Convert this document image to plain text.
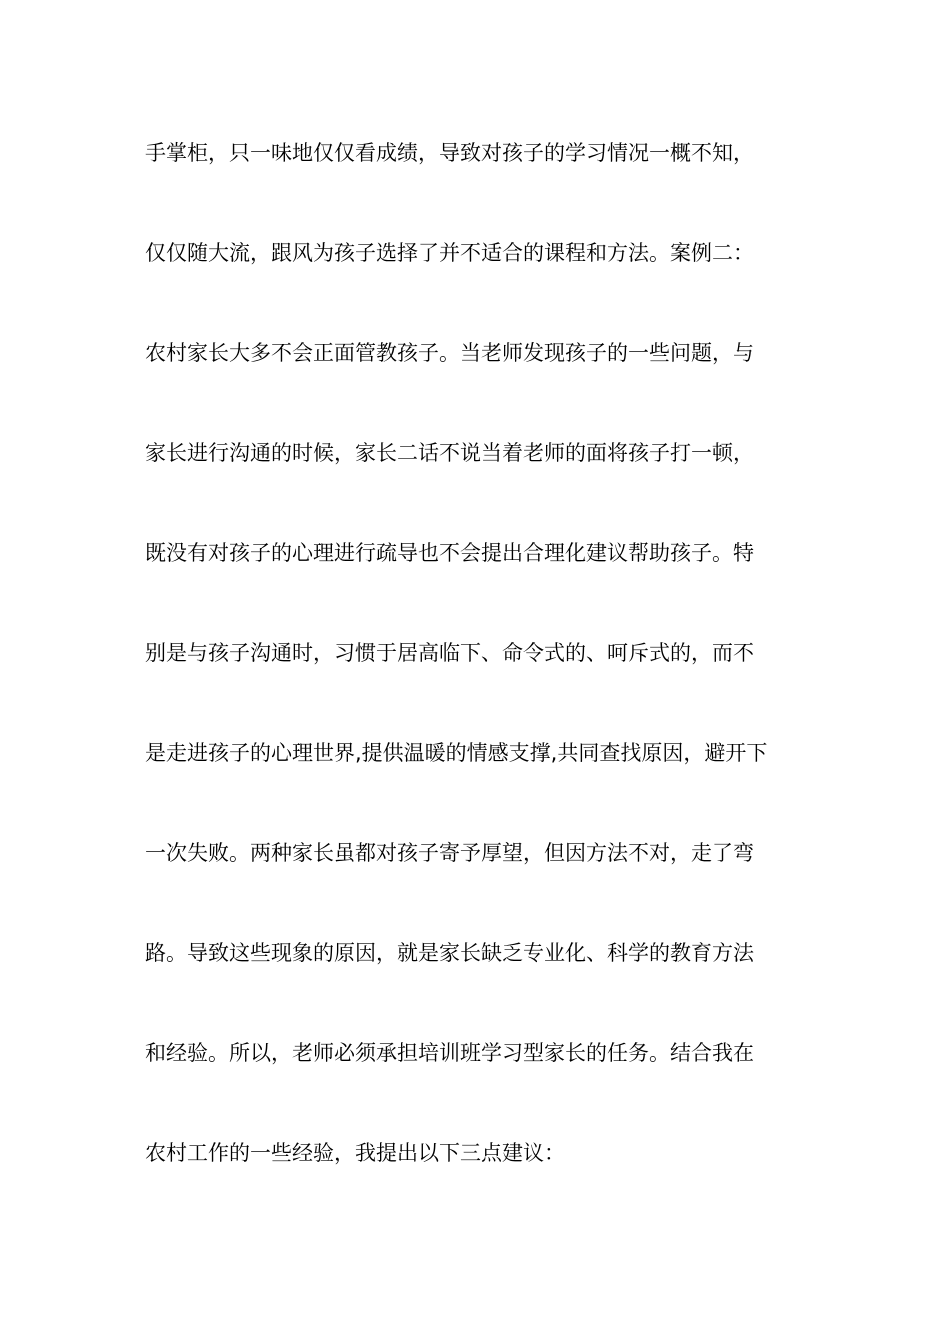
手掌柜，只一味地仅仅看成绩，导致对孩子的学习情况一概不知，
仅仅随大流，跟风为孩子选择了并不适合的课程和方法。案例二：
农村家长大多不会正面管教孩子。当老师发现孩子的一些问题，与
家长进行沟通的时候，家长二话不说当着老师的面将孩子打一顿，
既没有对孩子的心理进行疏导也不会提出合理化建议帮助孩子。特
别是与孩子沟通时，习惯于居高临下、命令式的、呵斥式的，而不
是走进孩子的心理世界,提供温暖的情感支撑,共同查找原因，避开下
一次失败。两种家长虽都对孩子寄予厚望，但因方法不对，走了弯
路。导致这些现象的原因，就是家长缺乏专业化、科学的教育方法
和经验。所以，老师必须承担培训班学习型家长的任务。结合我在
农村工作的一些经验，我提出以下三点建议：
